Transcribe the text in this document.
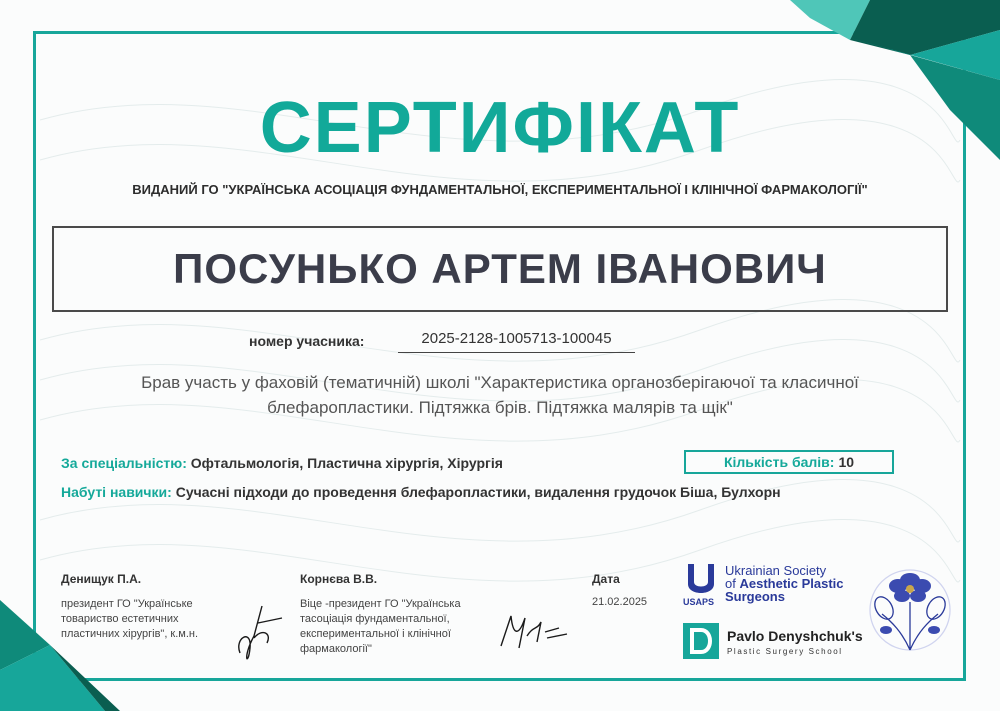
СЕРТИФІКАТ
ВИДАНИЙ ГО "УКРАЇНСЬКА АСОЦІАЦІЯ ФУНДАМЕНТАЛЬНОЇ, ЕКСПЕРИМЕНТАЛЬНОЇ І КЛІНІЧНОЇ ФАРМАКОЛОГІЇ"
ПОСУНЬКО АРТЕМ ІВАНОВИЧ
номер учасника:	2025-2128-1005713-100045
Брав участь у фаховій (тематичній) школі "Характеристика органозберігаючої та класичної
блефаропластики. Підтяжка брів. Підтяжка малярів та щік"
За спеціальністю: Офтальмологія, Пластична хірургія, Хірургія	Кількість балів: 10
Набуті навички: Сучасні підходи до проведення блефаропластики, видалення грудочок Біша, Булхорн
Денищук П.А.
президент ГО "Українське
товариство естетичних
пластичних хірургів", к.м.н.
Корнєва В.В.
Віце -президент ГО "Українська
тасоціація фундаментальної,
експериментальної і клінічної
фармакології"
Дата
21.02.2025	USAPS
Ukrainian Society
of Aesthetic Plastic
Surgeons
Pavlo Denyshchuk's
Plastic Surgery School
